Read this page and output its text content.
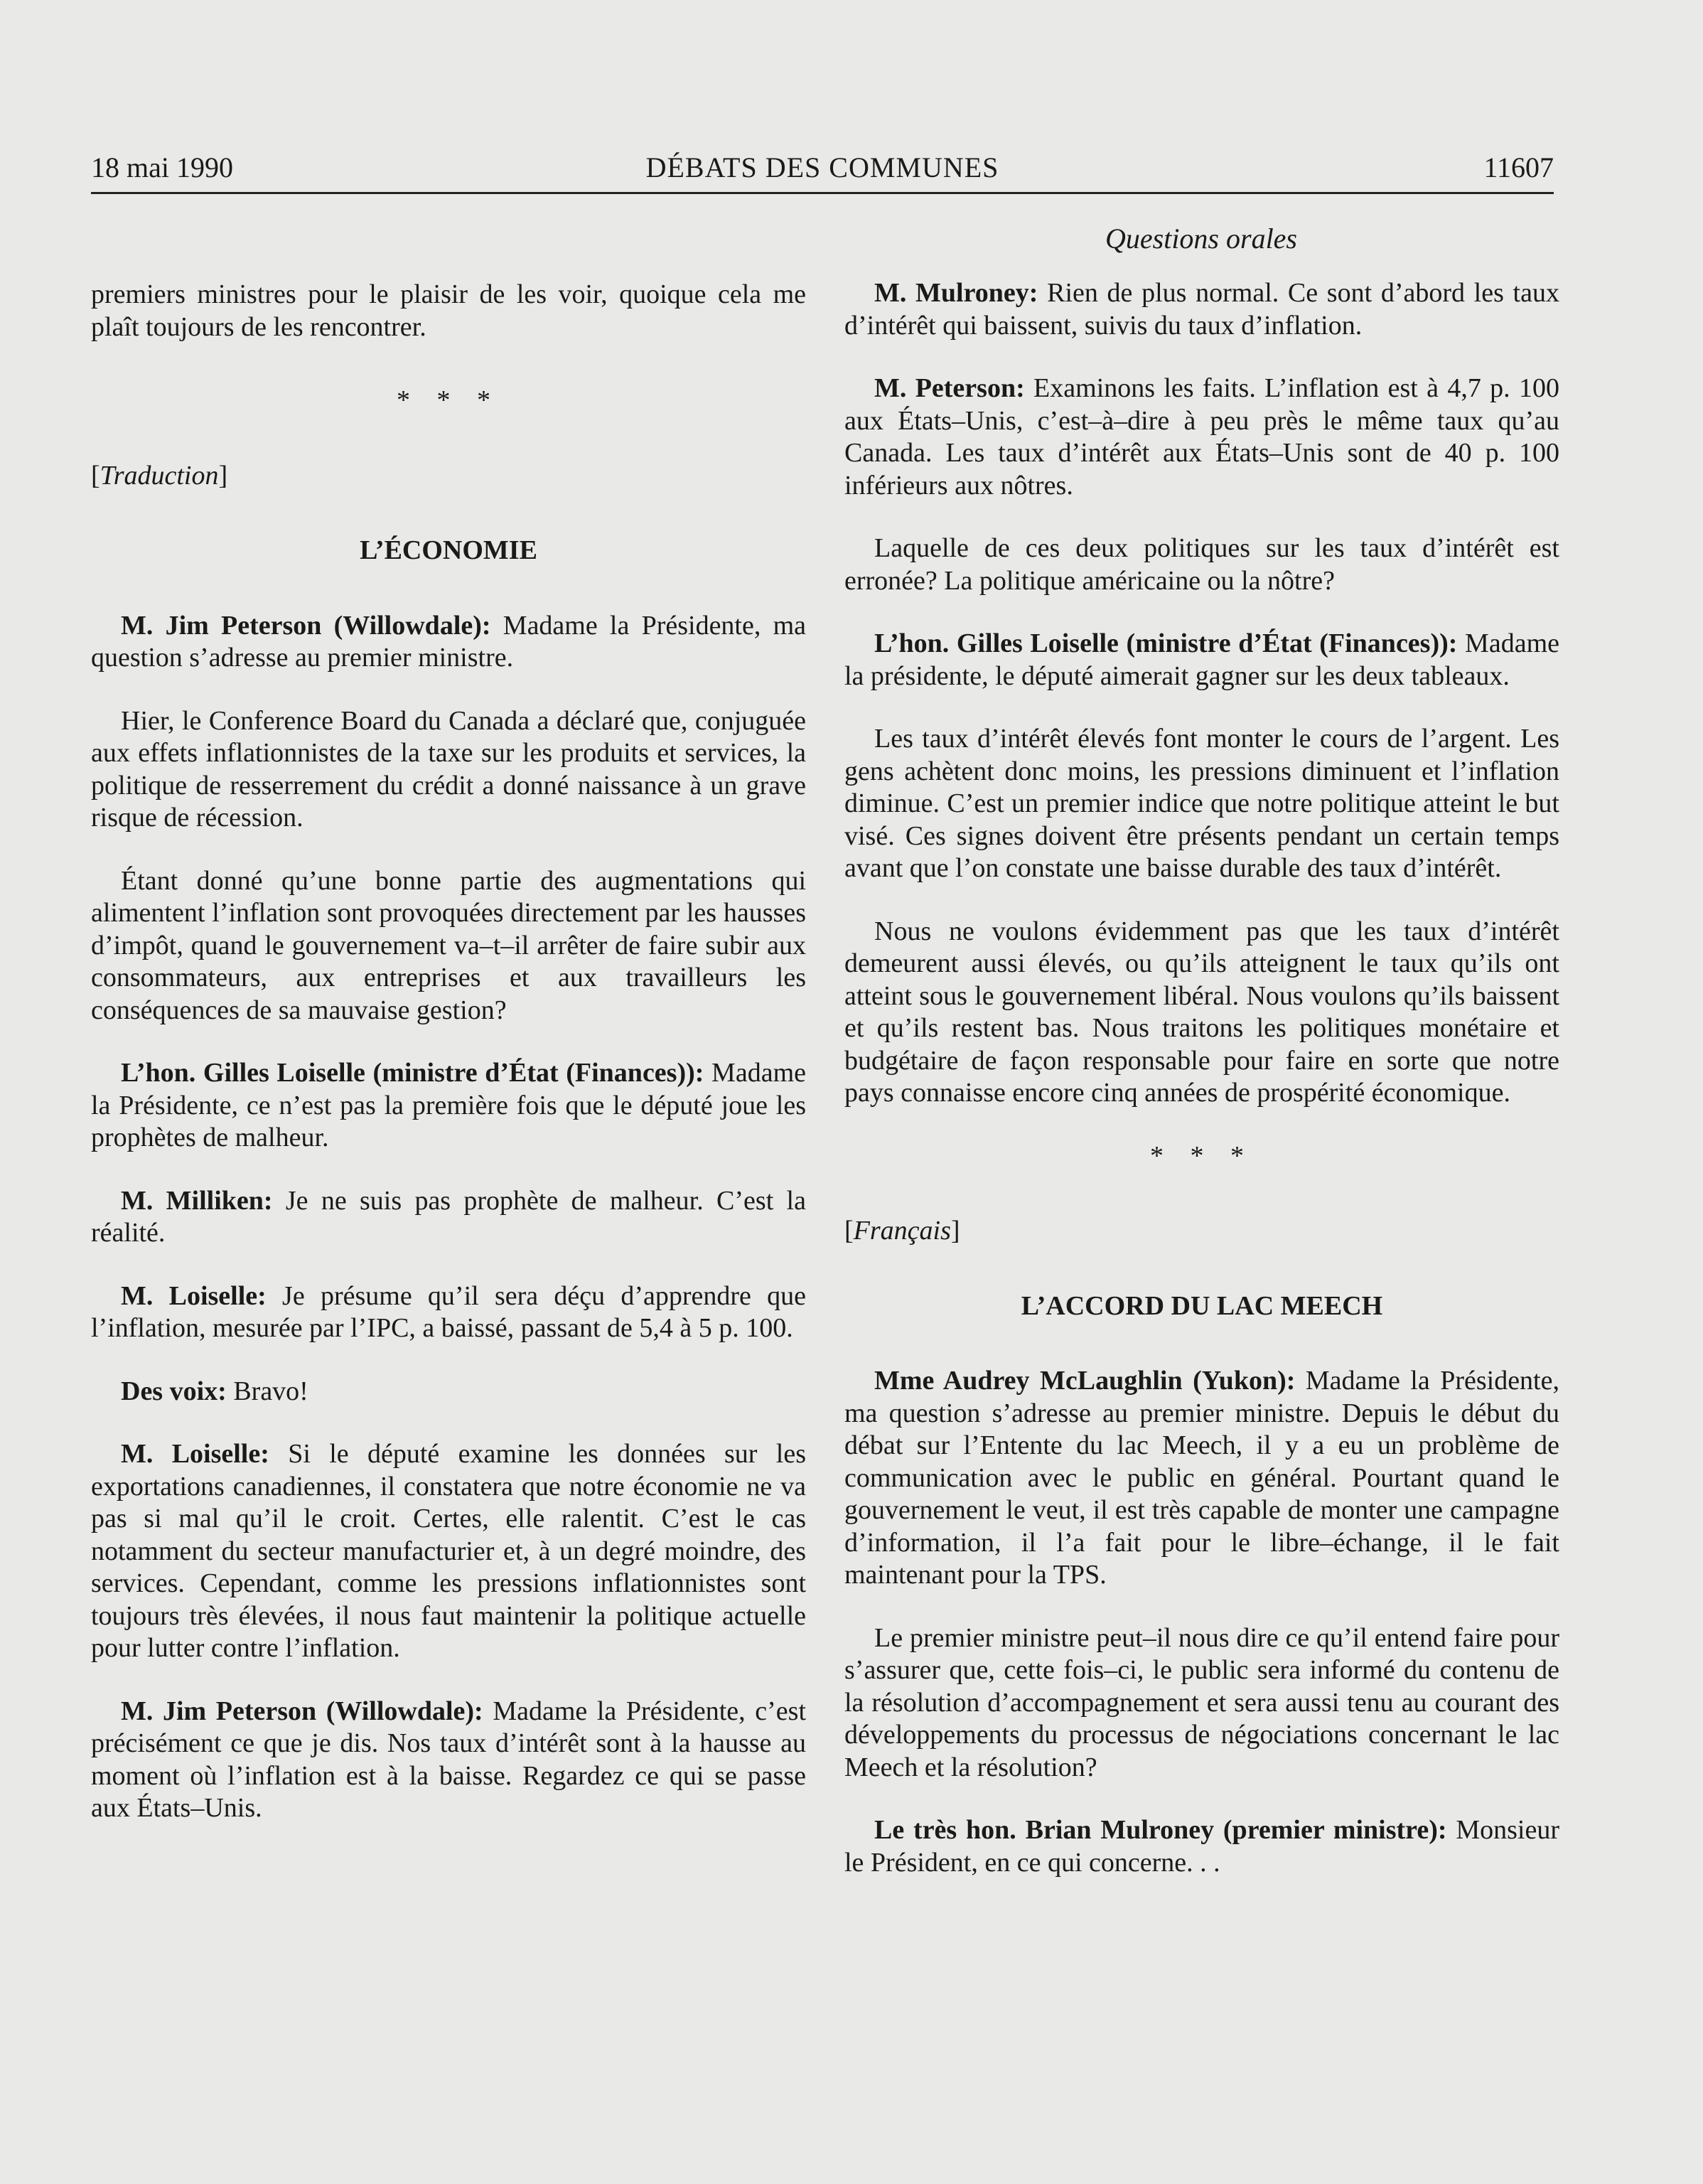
18 mai 1990	DÉBATS DES COMMUNES	11607
Questions orales

premiers ministres pour le plaisir de les voir, quoique cela me plaît toujours de les rencontrer.

* * *

[Traduction]

L’ÉCONOMIE

M. Jim Peterson (Willowdale): Madame la Présidente, ma question s’adresse au premier ministre.

Hier, le Conference Board du Canada a déclaré que, conjuguée aux effets inflationnistes de la taxe sur les produits et services, la politique de resserrement du crédit a donné naissance à un grave risque de récession.

Étant donné qu’une bonne partie des augmentations qui alimentent l’inflation sont provoquées directement par les hausses d’impôt, quand le gouvernement va–t–il arrêter de faire subir aux consommateurs, aux entreprises et aux travailleurs les conséquences de sa mauvaise gestion?

L’hon. Gilles Loiselle (ministre d’État (Finances)): Madame la Présidente, ce n’est pas la première fois que le député joue les prophètes de malheur.

M. Milliken: Je ne suis pas prophète de malheur. C’est la réalité.

M. Loiselle: Je présume qu’il sera déçu d’apprendre que l’inflation, mesurée par l’IPC, a baissé, passant de 5,4 à 5 p. 100.

Des voix: Bravo!

M. Loiselle: Si le député examine les données sur les exportations canadiennes, il constatera que notre économie ne va pas si mal qu’il le croit. Certes, elle ralentit. C’est le cas notamment du secteur manufacturier et, à un degré moindre, des services. Cependant, comme les pressions inflationnistes sont toujours très élevées, il nous faut maintenir la politique actuelle pour lutter contre l’inflation.

M. Jim Peterson (Willowdale): Madame la Présidente, c’est précisément ce que je dis. Nos taux d’intérêt sont à la hausse au moment où l’inflation est à la baisse. Regardez ce qui se passe aux États–Unis.

M. Mulroney: Rien de plus normal. Ce sont d’abord les taux d’intérêt qui baissent, suivis du taux d’inflation.

M. Peterson: Examinons les faits. L’inflation est à 4,7 p. 100 aux États–Unis, c’est–à–dire à peu près le même taux qu’au Canada. Les taux d’intérêt aux États–Unis sont de 40 p. 100 inférieurs aux nôtres.

Laquelle de ces deux politiques sur les taux d’intérêt est erronée? La politique américaine ou la nôtre?

L’hon. Gilles Loiselle (ministre d’État (Finances)): Madame la présidente, le député aimerait gagner sur les deux tableaux.

Les taux d’intérêt élevés font monter le cours de l’argent. Les gens achètent donc moins, les pressions diminuent et l’inflation diminue. C’est un premier indice que notre politique atteint le but visé. Ces signes doivent être présents pendant un certain temps avant que l’on constate une baisse durable des taux d’intérêt.

Nous ne voulons évidemment pas que les taux d’intérêt demeurent aussi élevés, ou qu’ils atteignent le taux qu’ils ont atteint sous le gouvernement libéral. Nous voulons qu’ils baissent et qu’ils restent bas. Nous traitons les politiques monétaire et budgétaire de façon responsable pour faire en sorte que notre pays connaisse encore cinq années de prospérité économique.

* * *

[Français]

L’ACCORD DU LAC MEECH

Mme Audrey McLaughlin (Yukon): Madame la Présidente, ma question s’adresse au premier ministre. Depuis le début du débat sur l’Entente du lac Meech, il y a eu un problème de communication avec le public en général. Pourtant quand le gouvernement le veut, il est très capable de monter une campagne d’information, il l’a fait pour le libre–échange, il le fait maintenant pour la TPS.

Le premier ministre peut–il nous dire ce qu’il entend faire pour s’assurer que, cette fois–ci, le public sera informé du contenu de la résolution d’accompagnement et sera aussi tenu au courant des développements du processus de négociations concernant le lac Meech et la résolution?

Le très hon. Brian Mulroney (premier ministre): Monsieur le Président, en ce qui concerne. . .
